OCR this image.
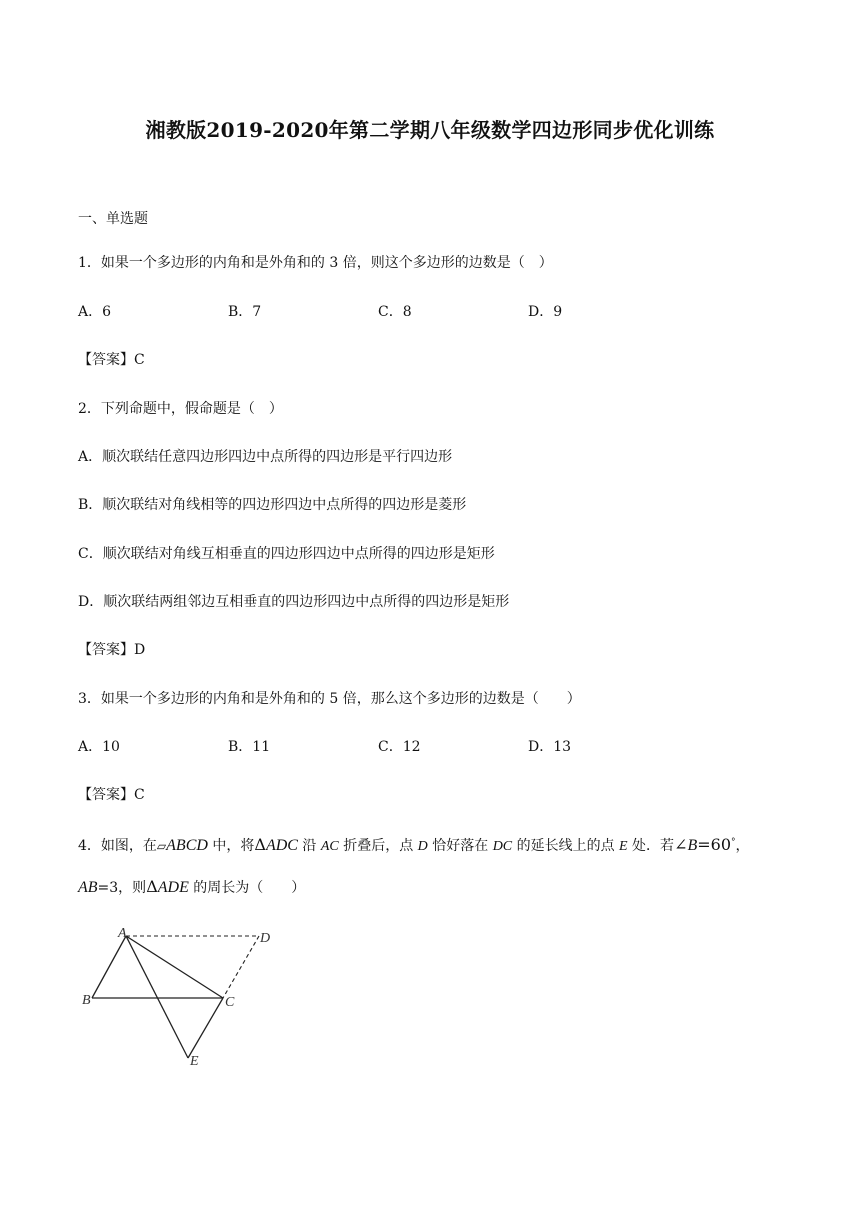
湘教版2019-2020年第二学期八年级数学四边形同步优化训练
一、单选题
1．如果一个多边形的内角和是外角和的 3 倍，则这个多边形的边数是（　）
A．6	B．7	C．8	D．9
【答案】C
2．下列命题中，假命题是（　）
A．顺次联结任意四边形四边中点所得的四边形是平行四边形
B．顺次联结对角线相等的四边形四边中点所得的四边形是菱形
C．顺次联结对角线互相垂直的四边形四边中点所得的四边形是矩形
D．顺次联结两组邻边互相垂直的四边形四边中点所得的四边形是矩形
【答案】D
3．如果一个多边形的内角和是外角和的 5 倍，那么这个多边形的边数是（　　）
A．10	B．11	C．12	D．13
【答案】C
4．如图，在▱ABCD 中，将ΔADC 沿 AC 折叠后，点 D 恰好落在 DC 的延长线上的点 E 处．若∠B=60°，
AB=3，则ΔADE 的周长为（　　）
A
B	C
D
E
